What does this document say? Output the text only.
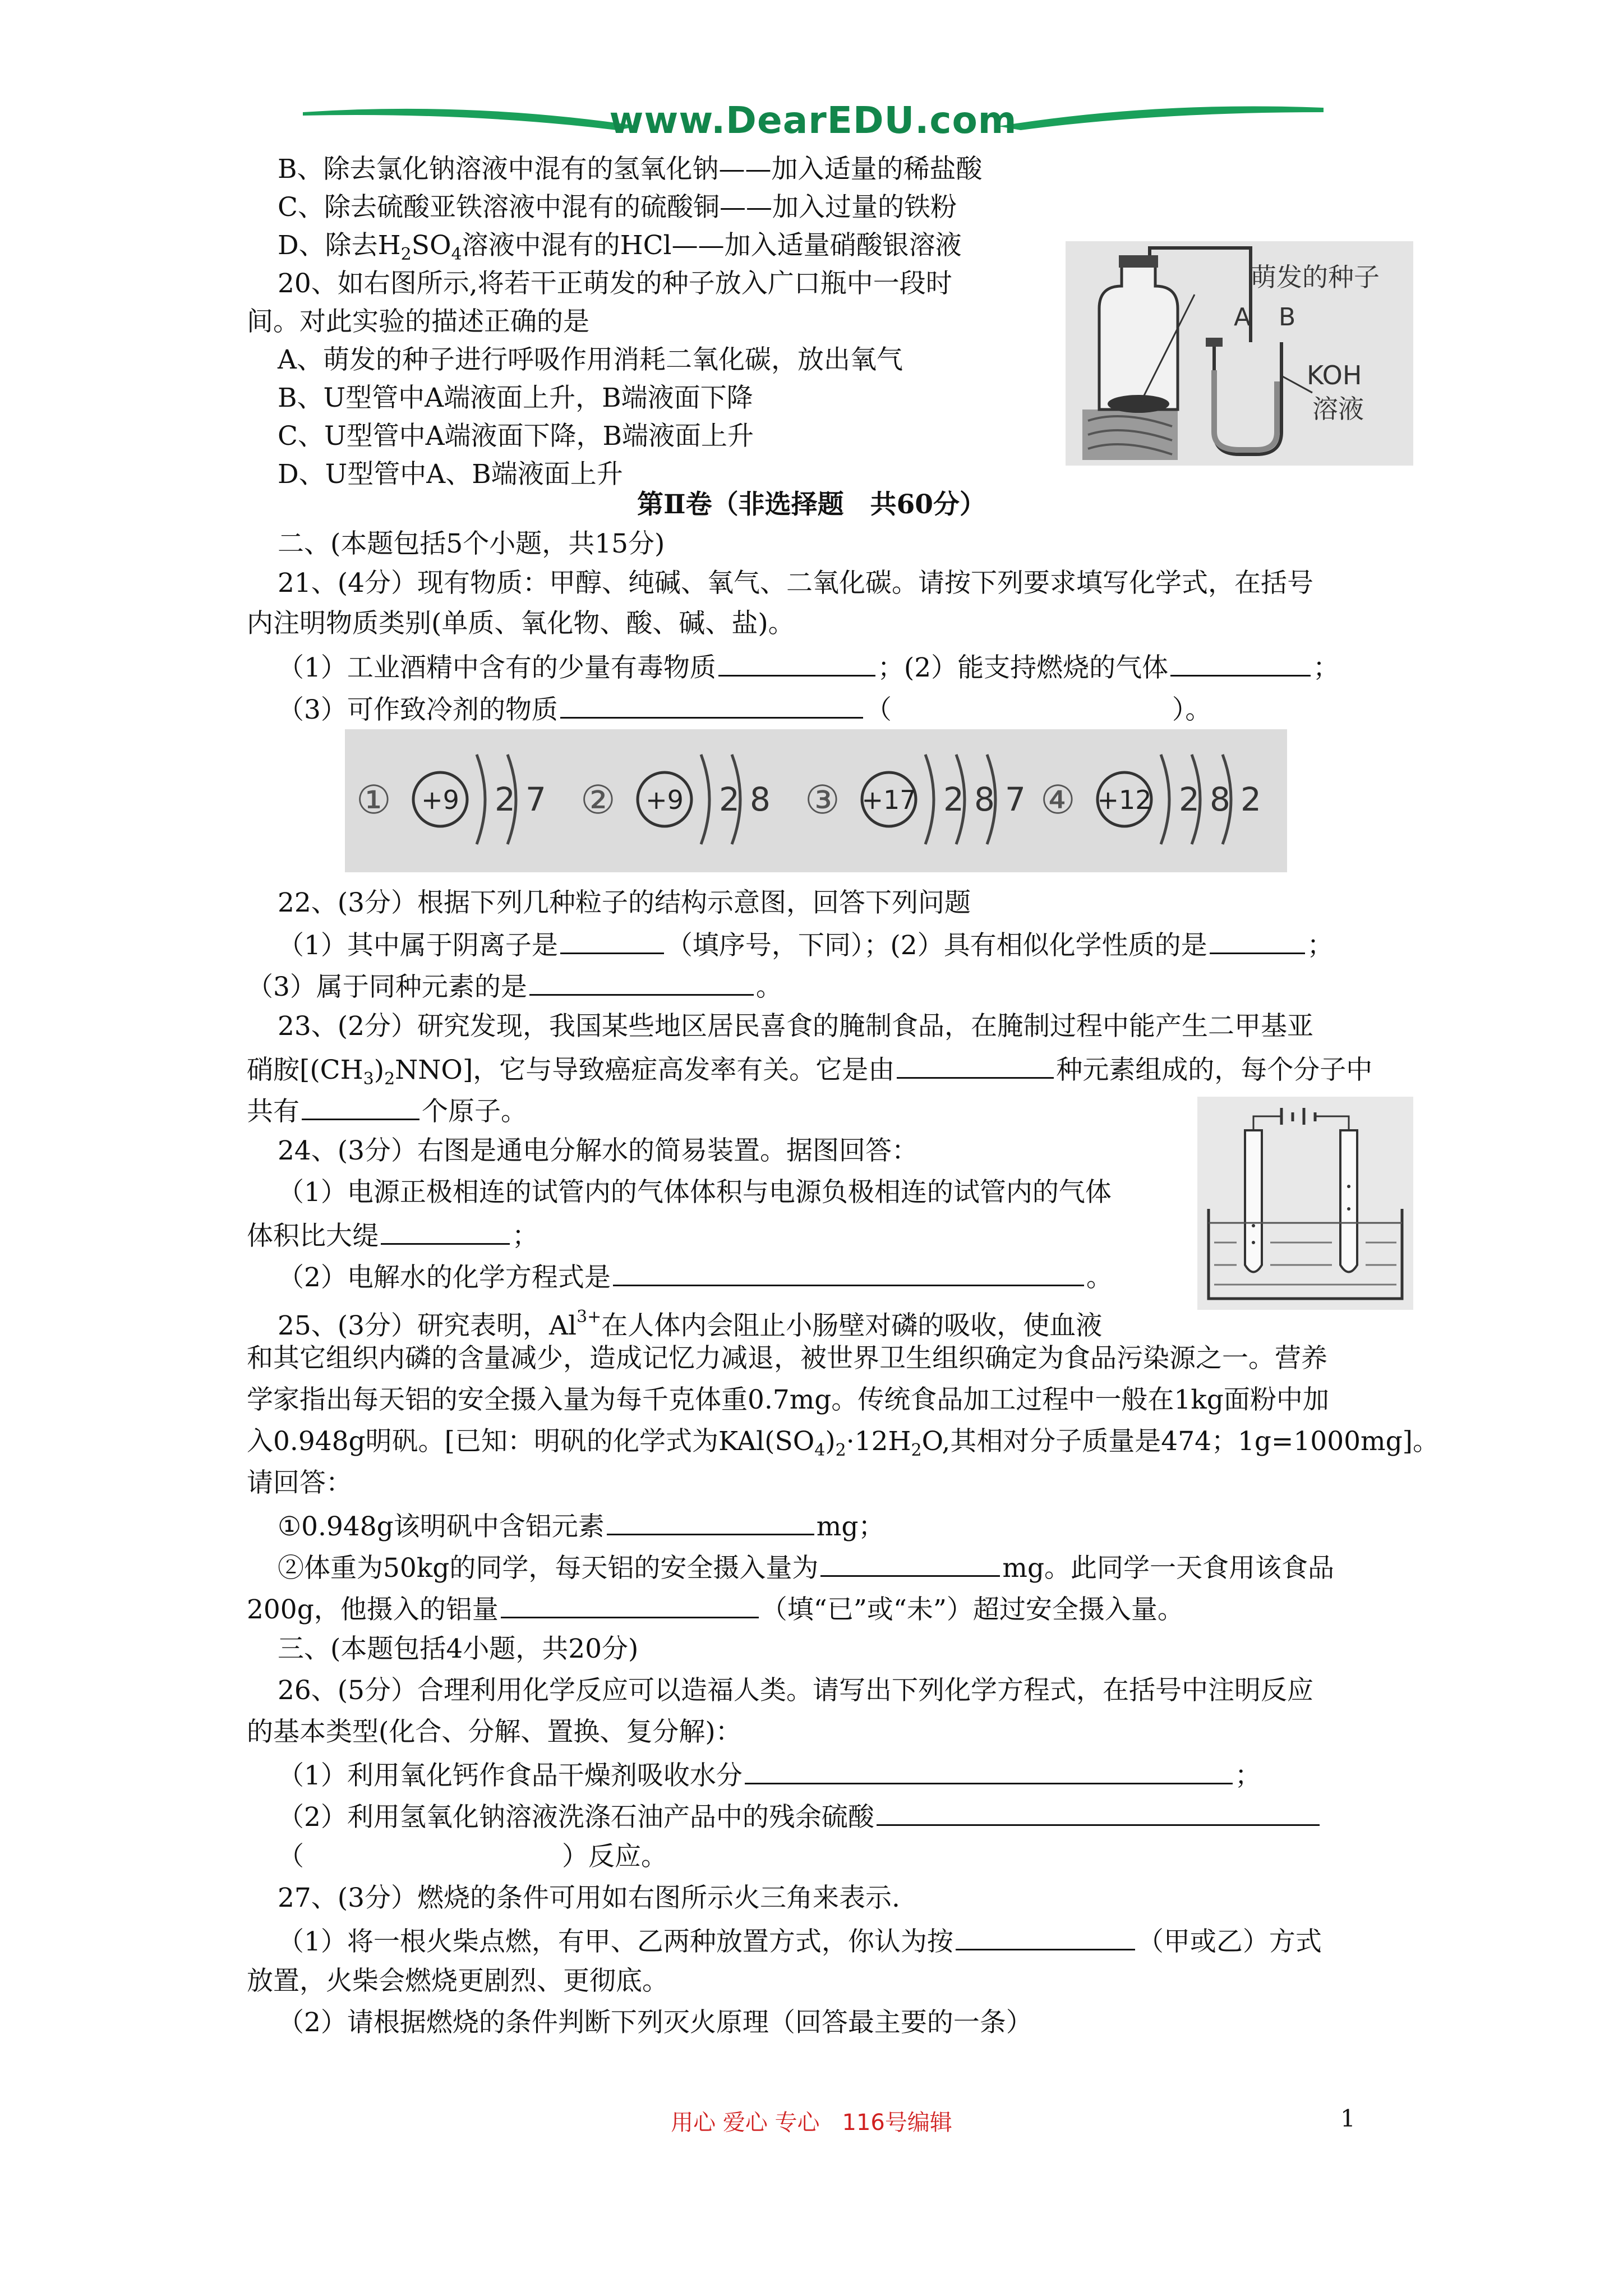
www.DearEDU.com
B、除去氯化钠溶液中混有的氢氧化钠——加入适量的稀盐酸
C、除去硫酸亚铁溶液中混有的硫酸铜——加入过量的铁粉
D、除去$H_2SO_4$溶液中混有的HCl——加入适量硝酸银溶液
20、如右图所示,将若干正萌发的种子放入广口瓶中一段时
间。对此实验的描述正确的是
A、萌发的种子进行呼吸作用消耗二氧化碳，放出氧气
B、U型管中A端液面上升，B端液面下降
C、U型管中A端液面下降，B端液面上升
D、U型管中A、B端液面上升
萌发的种子
A B
KOH
溶液
第Ⅱ卷（非选择题　共60分）
二、(本题包括5个小题，共15分)
21、(4分）现有物质：甲醇、纯碱、氧气、二氧化碳。请按下列要求填写化学式，在括号
内注明物质类别(单质、氧化物、酸、碱、盐)。
（1）工业酒精中含有的少量有毒物质	；(2）能支持燃烧的气体	；
（3）可作致冷剂的物质	（	）。
① +9 2 7 ② +9 2 8 ③ +17 2 8 7 ④ +12 2 8 2
22、(3分）根据下列几种粒子的结构示意图，回答下列问题
（1）其中属于阴离子是	（填序号，下同）；(2）具有相似化学性质的是	；
（3）属于同种元素的是	。
23、(2分）研究发现，我国某些地区居民喜食的腌制食品，在腌制过程中能产生二甲基亚
硝胺$[(CH_3)_2NNO]$，它与导致癌症高发率有关。它是由	种元素组成的，每个分子中
共有	个原子。
24、(3分）右图是通电分解水的简易装置。据图回答：
（1）电源正极相连的试管内的气体体积与电源负极相连的试管内的气体
体积比大缇	；
（2）电解水的化学方程式是	。
25、(3分）研究表明，$Al^{3+}$在人体内会阻止小肠壁对磷的吸收，使血液
和其它组织内磷的含量减少，造成记忆力减退，被世界卫生组织确定为食品污染源之一。营养
学家指出每天铝的安全摄入量为每千克体重0.7mg。传统食品加工过程中一般在1kg面粉中加
入0.948g明矾。[已知：明矾的化学式为$KAl(SO_4)_2\cdot 12H_2O$,其相对分子质量是474；1g=1000mg]。
请回答：
①0.948g该明矾中含铝元素	mg；
②体重为50kg的同学，每天铝的安全摄入量为	mg。此同学一天食用该食品
200g，他摄入的铝量	（填“已”或“未”）超过安全摄入量。
三、(本题包括4小题，共20分)
26、(5分）合理利用化学反应可以造福人类。请写出下列化学方程式，在括号中注明反应
的基本类型(化合、分解、置换、复分解)：
（1）利用氧化钙作食品干燥剂吸收水分	；
（2）利用氢氧化钠溶液洗涤石油产品中的残余硫酸
（	）反应。
27、(3分）燃烧的条件可用如右图所示火三角来表示.
（1）将一根火柴点燃，有甲、乙两种放置方式，你认为按	（甲或乙）方式
放置，火柴会燃烧更剧烈、更彻底。
（2）请根据燃烧的条件判断下列灭火原理（回答最主要的一条）
用心 爱心 专心　116号编辑	1
